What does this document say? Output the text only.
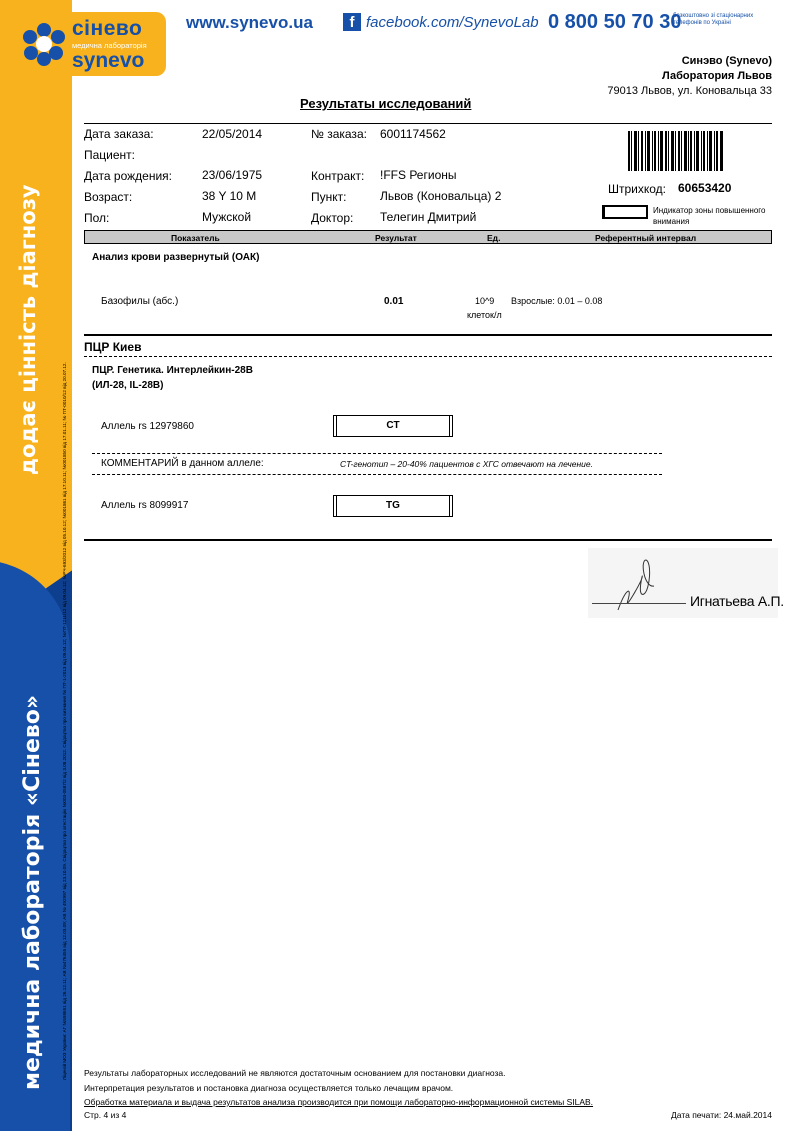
додає цінність діагнозу
медична лабораторія «Сінево»	Ліцензії МОЗ України: АГ №598651 від 26.12.11; АВ №476455 від 12.03.09; АВ № 492997 від 23.10.09. Свідоцтво про атестацію №003-0587/2 від 3.08.2012. Свідоцтво про визнання № ПТ-1-2013 від 09.04.12; №ПТ-1211/12 від 09.04.12; №РЧ-693/2012 від 05.10.12; №001861 від 17.10.11; №001850 від 17.01.11; № ПТ-0010/12 від 20.07.12.
сінево
медична лабораторія
synevo
www.synevo.ua	f facebook.com/SynevoLab 0 800 50 70 30
безкоштовно зі стаціонарних телефонів по Україні
Синэво (Synevo)
Лаборатория Львов
79013 Львов, ул. Коновальца 33
Результаты исследований
Дата заказа:	22/05/2014	№ заказа: 6001174562
Пациент:
Дата рождения:	23/06/1975	Контракт: !FFS Регионы
Возраст:	38 Y 10 M	Пункт:	Львов (Коновальца) 2
Пол:	Мужской	Доктор: Телегин Дмитрий
Штрихкод: 60653420
Индикатор зоны повышенного внимания
Показатель	Результат	Ед.	Референтный интервал
Анализ крови развернутый (ОАК)
Базофилы (абс.)	0.01	10^9
клеток/л
Взрослые: 0.01 – 0.08
ПЦР Киев
ПЦР. Генетика. Интерлейкин-28B
(ИЛ-28, IL-28B)
Аллель rs 12979860	CT
КОММЕНТАРИЙ в данном аллеле:	CT-генотип – 20-40% пациентов с ХГС отвечают на лечение.
Аллель rs 8099917	TG
Игнатьева А.П.
Результаты лабораторных исследований не являются достаточным основанием для постановки диагноза.
Интерпретация результатов и постановка диагноза осуществляется только лечащим врачом.
Обработка материала и выдача результатов анализа производится при помощи лабораторно-информационной системы SILAB.
Стр. 4 из 4	Дата печати: 24.май.2014
